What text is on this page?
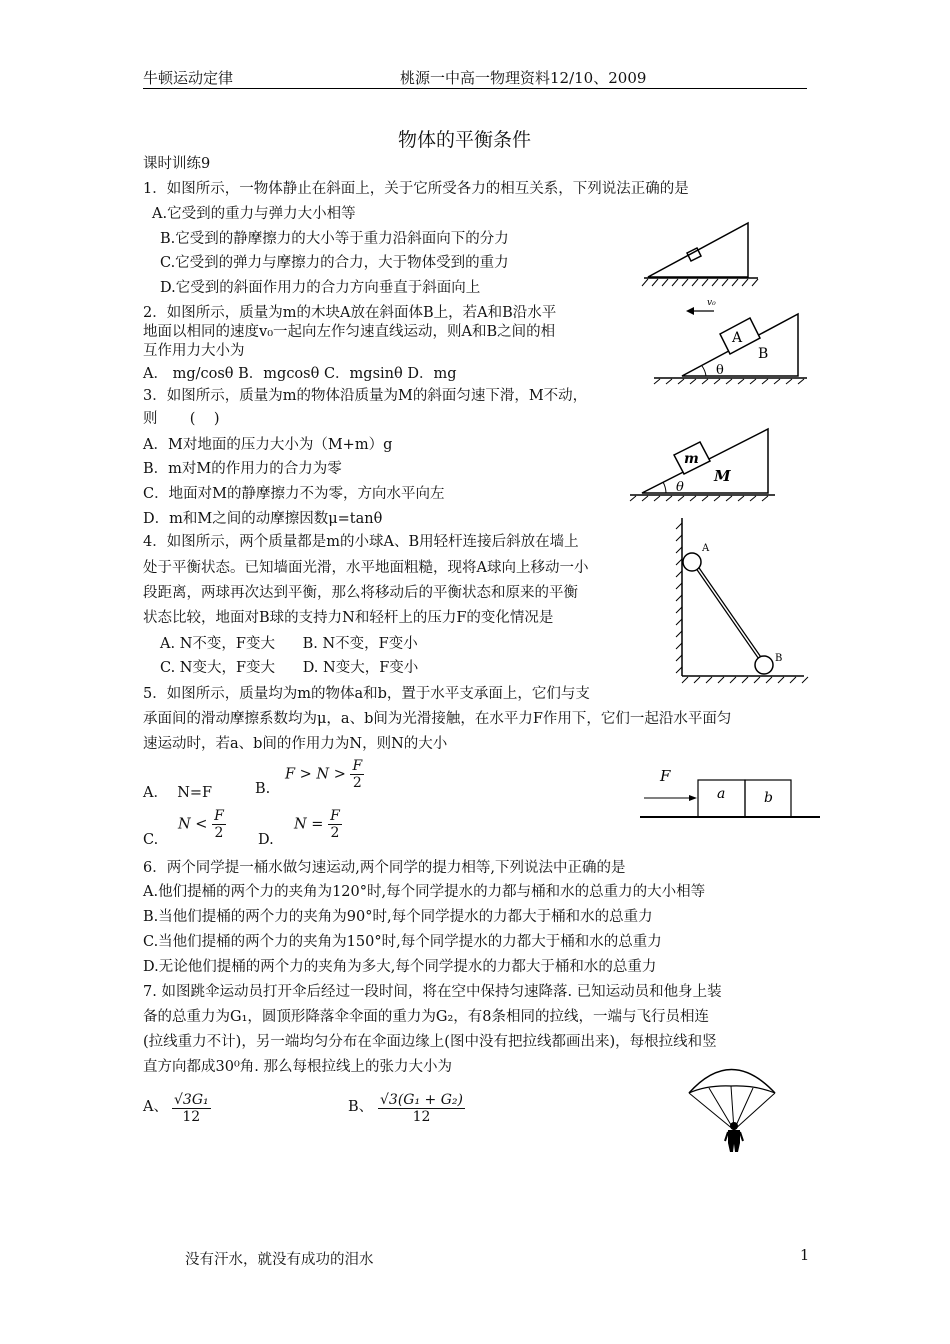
牛顿运动定律	桃源一中高一物理资料12/10、2009
物体的平衡条件
课时训练9
1．如图所示，一物体静止在斜面上，关于它所受各力的相互关系，下列说法正确的是
A.它受到的重力与弹力大小相等
B.它受到的静摩擦力的大小等于重力沿斜面向下的分力
C.它受到的弹力与摩擦力的合力，大于物体受到的重力
D.它受到的斜面作用力的合力方向垂直于斜面向上
2．如图所示，质量为m的木块A放在斜面体B上，若A和B沿水平
地面以相同的速度v₀一起向左作匀速直线运动，则A和B之间的相
互作用力大小为
A． mg/cosθ B．mgcosθ C．mgsinθ D．mg
v₀
A
B
θ
3．如图所示，质量为m的物体沿质量为M的斜面匀速下滑，M不动，
则       (    )
A．M对地面的压力大小为（M+m）g
B．m对M的作用力的合力为零
C．地面对M的静摩擦力不为零，方向水平向左
D．m和M之间的动摩擦因数μ=tanθ
m
M
θ
4．如图所示，两个质量都是m的小球A、B用轻杆连接后斜放在墙上
处于平衡状态。已知墙面光滑，水平地面粗糙，现将A球向上移动一小
段距离，两球再次达到平衡，那么将移动后的平衡状态和原来的平衡
状态比较，地面对B球的支持力N和轻杆上的压力F的变化情况是
A. N不变，F变大      B. N不变，F变小
C. N变大，F变大      D. N变大，F变小
A
B
5．如图所示，质量均为m的物体a和b，置于水平支承面上，它们与支
承面间的滑动摩擦系数均为μ，a、b间为光滑接触，在水平力F作用下，它们一起沿水平面匀
速运动时，若a、b间的作用力为N，则N的大小
A．  N=F	B.
$F > N > \frac{F}{2}$
C.
$N < \frac{F}{2} D$.
$N = \frac{F}{2}$
F
a	b
6．两个同学提一桶水做匀速运动,两个同学的提力相等,下列说法中正确的是
A.他们提桶的两个力的夹角为120°时,每个同学提水的力都与桶和水的总重力的大小相等
B.当他们提桶的两个力的夹角为90°时,每个同学提水的力都大于桶和水的总重力
C.当他们提桶的两个力的夹角为150°时,每个同学提水的力都大于桶和水的总重力
D.无论他们提桶的两个力的夹角为多大,每个同学提水的力都大于桶和水的总重力
7. 如图跳伞运动员打开伞后经过一段时间，将在空中保持匀速降落. 已知运动员和他身上装
备的总重力为G₁，圆顶形降落伞伞面的重力为G₂，有8条相同的拉线，一端与飞行员相连
(拉线重力不计)，另一端均匀分布在伞面边缘上(图中没有把拉线都画出来)，每根拉线和竖
直方向都成30⁰角. 那么每根拉线上的张力大小为
A、 $\frac{\text{√3G₁}}{12}$	B、 $\frac{\text{√3(G₁ + G₂)}}{12}$
没有汗水，就没有成功的泪水	1
